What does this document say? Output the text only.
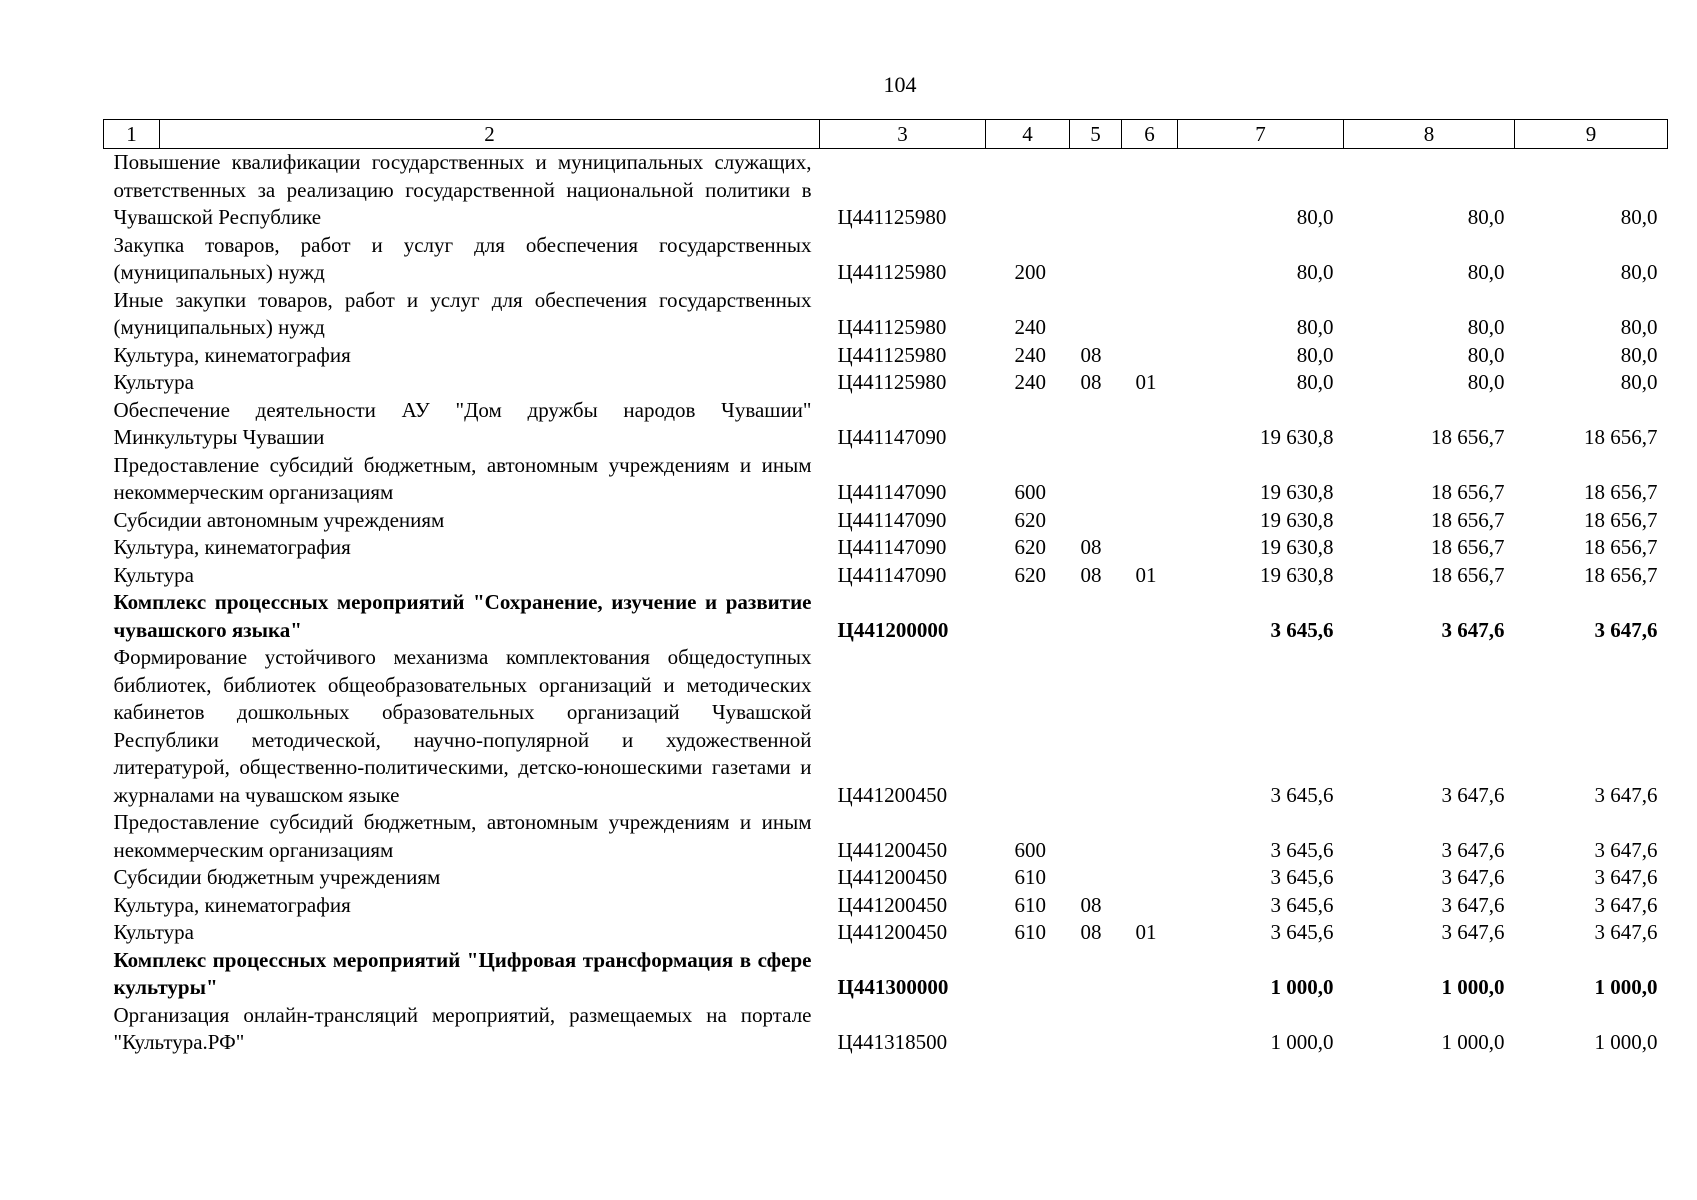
104
1	2	3	4	5	6	7	8	9
Повышение квалификации государственных и муниципальных служащих, ответственных за реализацию государственной национальной политики в Чувашской Республике		Ц441125980				80,0	80,0	80,0
Закупка товаров, работ и услуг для обеспечения государственных (муниципальных) нужд		Ц441125980	200			80,0	80,0	80,0
Иные закупки товаров, работ и услуг для обеспечения государственных (муниципальных) нужд		Ц441125980	240			80,0	80,0	80,0
Культура, кинематография		Ц441125980	240	08		80,0	80,0	80,0
Культура		Ц441125980	240	08	01	80,0	80,0	80,0
Обеспечение деятельности АУ "Дом дружбы народов Чувашии" Минкультуры Чувашии		Ц441147090				19 630,8	18 656,7	18 656,7
Предоставление субсидий бюджетным, автономным учреждениям и иным некоммерческим организациям		Ц441147090	600			19 630,8	18 656,7	18 656,7
Субсидии автономным учреждениям		Ц441147090	620			19 630,8	18 656,7	18 656,7
Культура, кинематография		Ц441147090	620	08		19 630,8	18 656,7	18 656,7
Культура		Ц441147090	620	08	01	19 630,8	18 656,7	18 656,7
Комплекс процессных мероприятий "Сохранение, изучение и развитие чувашского языка"		Ц441200000				3 645,6	3 647,6	3 647,6
Формирование устойчивого механизма комплектования общедоступных библиотек, библиотек общеобразовательных организаций и методических кабинетов дошкольных образовательных организаций Чувашской Республики методической, научно-популярной и художественной литературой, общественно-политическими, детско-юношескими газетами и журналами на чувашском языке		Ц441200450				3 645,6	3 647,6	3 647,6
Предоставление субсидий бюджетным, автономным учреждениям и иным некоммерческим организациям		Ц441200450	600			3 645,6	3 647,6	3 647,6
Субсидии бюджетным учреждениям		Ц441200450	610			3 645,6	3 647,6	3 647,6
Культура, кинематография		Ц441200450	610	08		3 645,6	3 647,6	3 647,6
Культура		Ц441200450	610	08	01	3 645,6	3 647,6	3 647,6
Комплекс процессных мероприятий "Цифровая трансформация в сфере культуры"		Ц441300000				1 000,0	1 000,0	1 000,0
Организация онлайн-трансляций мероприятий, размещаемых на портале "Культура.РФ"		Ц441318500				1 000,0	1 000,0	1 000,0
